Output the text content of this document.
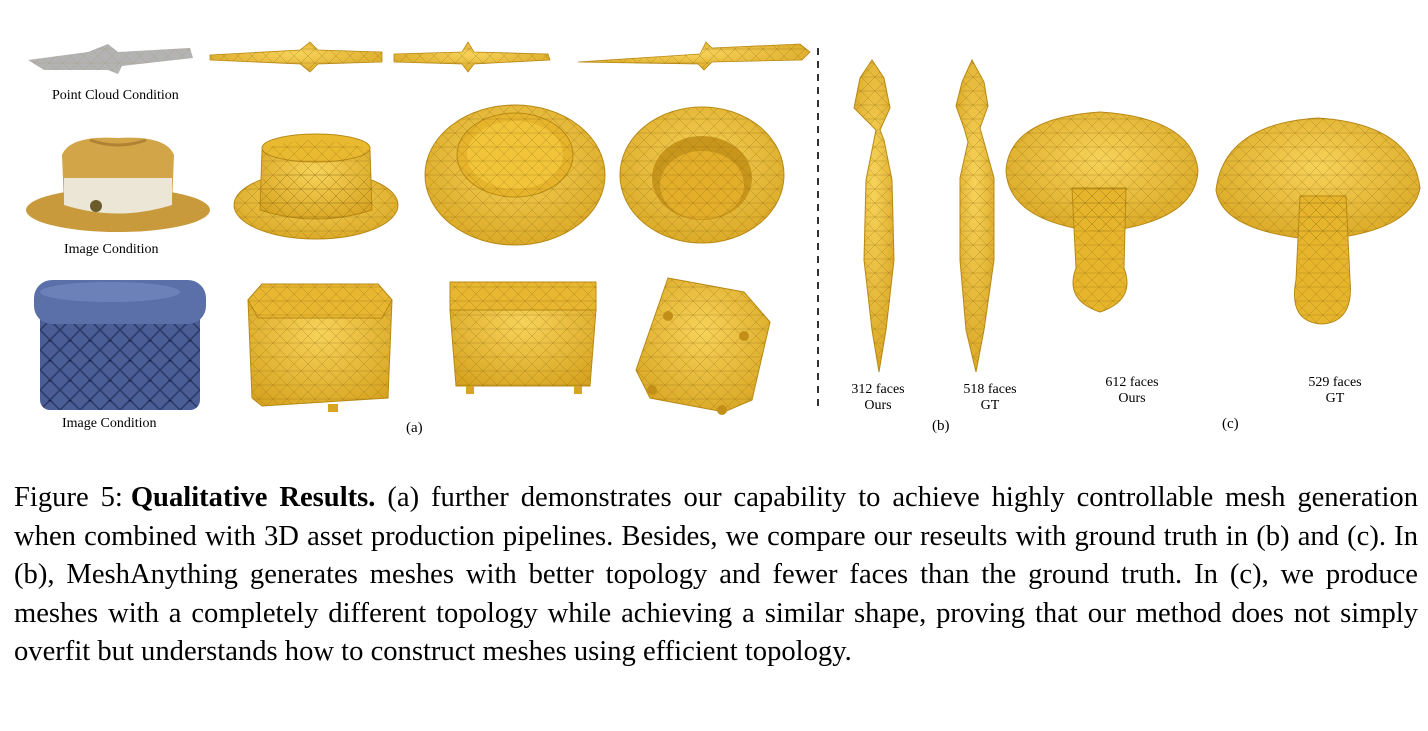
Point Cloud Condition
Image Condition
Image Condition	(a)	(b)	(c)
312 faces
Ours
518 faces
GT
612 faces
Ours
529 faces
GT
Figure 5: Qualitative Results. (a) further demonstrates our capability to achieve highly controllable mesh generation when combined with 3D asset production pipelines. Besides, we compare our reseults with ground truth in (b) and (c). In (b), MeshAnything generates meshes with better topology and fewer faces than the ground truth. In (c), we produce meshes with a completely different topology while achieving a similar shape, proving that our method does not simply overfit but understands how to construct meshes using efficient topology.
